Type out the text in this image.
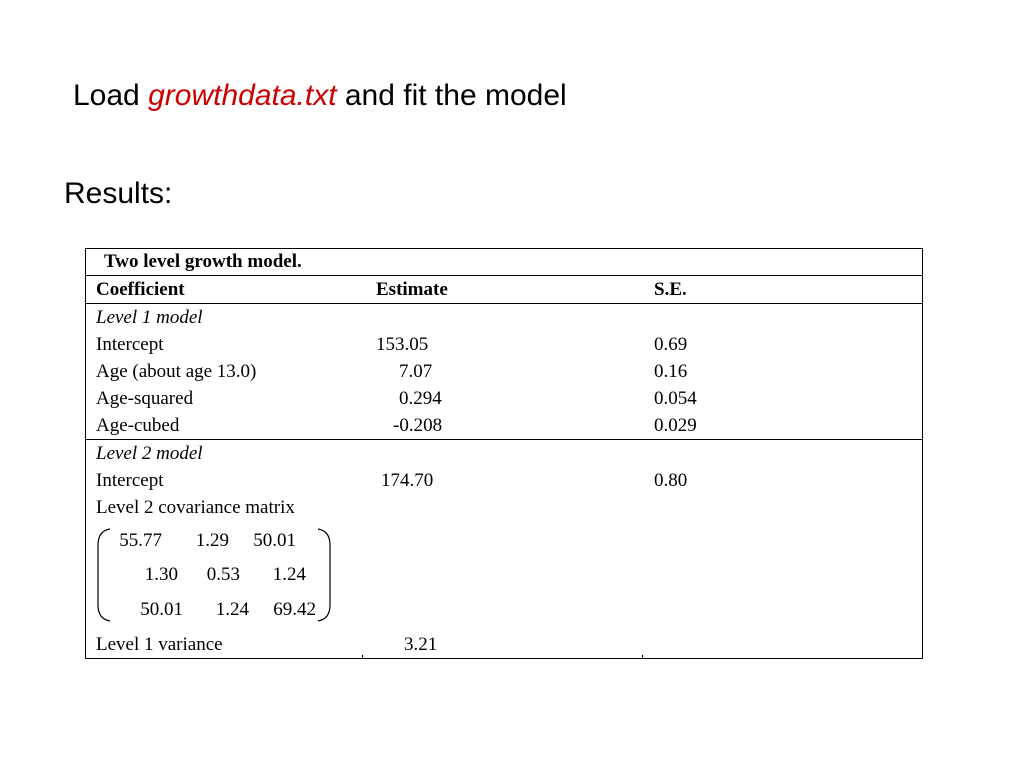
Load growthdata.txt and fit the model
Results:
Two level growth model.
Coefficient	Estimate	S.E.
Level 1 model
Intercept	153.05	0.69
Age (about age 13.0)	7.07	0.16
Age-squared	0.294	0.054
Age-cubed	-0.208	0.029
Level 2 model
Intercept	174.70	0.80
Level 2 covariance matrix
55.77	1.29	50.01
1.30	0.53	1.24
50.01	1.24	69.42
Level 1 variance	3.21
